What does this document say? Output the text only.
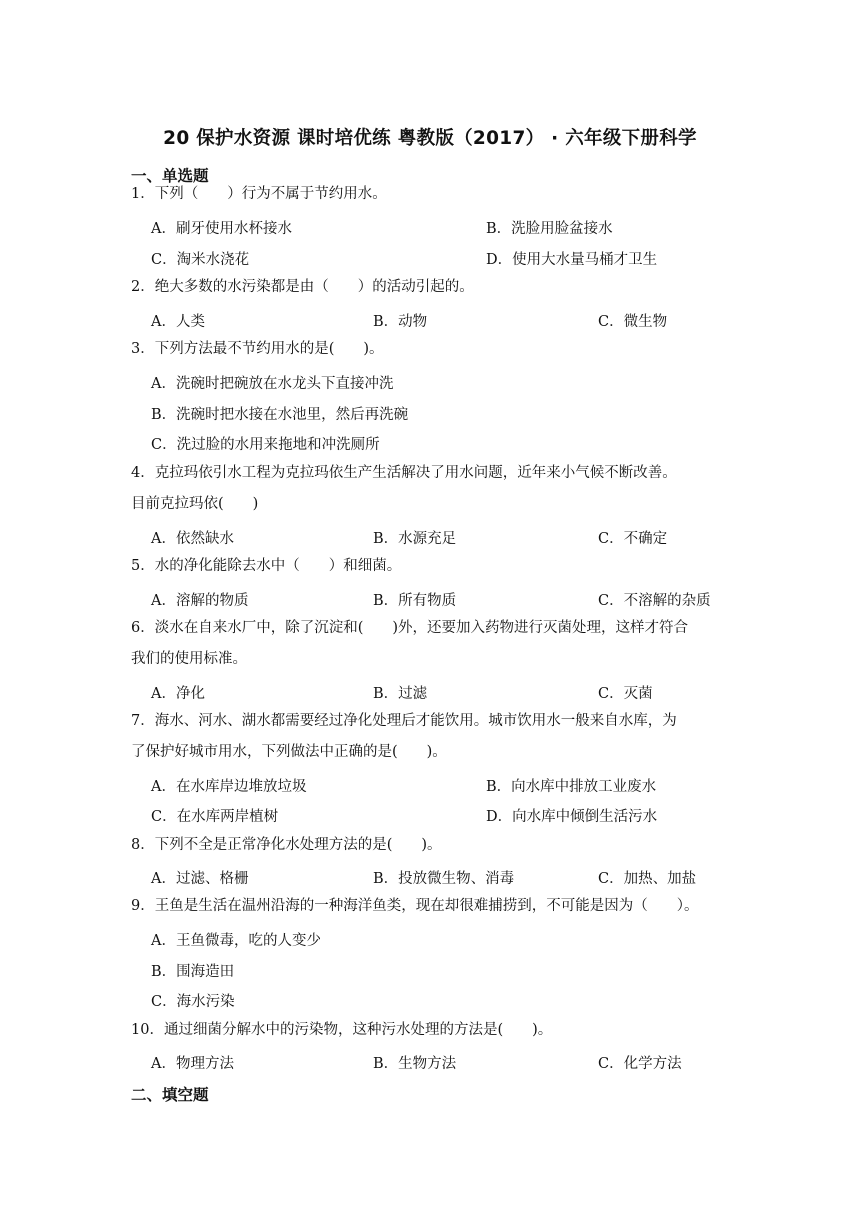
20 保护水资源 课时培优练 粤教版（2017） · 六年级下册科学
一、单选题
1．下列（　　）行为不属于节约用水。
A．刷牙使用水杯接水	B．洗脸用脸盆接水
C．淘米水浇花	D．使用大水量马桶才卫生
2．绝大多数的水污染都是由（　　）的活动引起的。
A．人类	B．动物	C．微生物
3．下列方法最不节约用水的是(　　)。
A．洗碗时把碗放在水龙头下直接冲洗
B．洗碗时把水接在水池里，然后再洗碗
C．洗过脸的水用来拖地和冲洗厕所
4．克拉玛依引水工程为克拉玛依生产生活解决了用水问题，近年来小气候不断改善。
目前克拉玛依(　　)
A．依然缺水	B．水源充足	C．不确定
5．水的净化能除去水中（　　）和细菌。
A．溶解的物质	B．所有物质	C．不溶解的杂质
6．淡水在自来水厂中，除了沉淀和(　　)外，还要加入药物进行灭菌处理，这样才符合
我们的使用标准。
A．净化	B．过滤	C．灭菌
7．海水、河水、湖水都需要经过净化处理后才能饮用。城市饮用水一般来自水库，为
了保护好城市用水，下列做法中正确的是(　　)。
A．在水库岸边堆放垃圾	B．向水库中排放工业废水
C．在水库两岸植树	D．向水库中倾倒生活污水
8．下列不全是正常净化水处理方法的是(　　)。
A．过滤、格栅	B．投放微生物、消毒	C．加热、加盐
9．王鱼是生活在温州沿海的一种海洋鱼类，现在却很难捕捞到，不可能是因为（　　）。
A．王鱼微毒，吃的人变少
B．围海造田
C．海水污染
10．通过细菌分解水中的污染物，这种污水处理的方法是(　　)。
A．物理方法	B．生物方法	C．化学方法
二、填空题
